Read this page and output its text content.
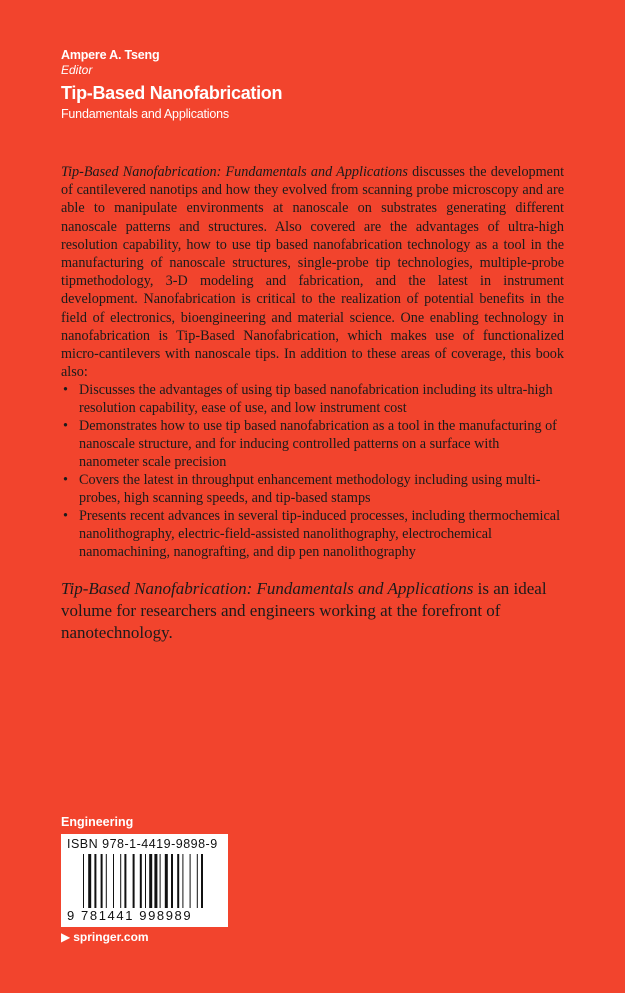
Ampere A. Tseng
Editor
Tip-Based Nanofabrication
Fundamentals and Applications

Tip-Based Nanofabrication: Fundamentals and Applications discusses the development of cantilevered nanotips and how they evolved from scanning probe microscopy and are able to manipulate environments at nanoscale on substrates generating different nanoscale patterns and structures. Also covered are the advantages of ultra-high resolution capability, how to use tip based nanofabrication technology as a tool in the manufacturing of nanoscale structures, single-probe tip technologies, multiple-probe tipmethodology, 3-D modeling and fabrication, and the latest in instrument development. Nanofabrication is critical to the realization of potential benefits in the field of electronics, bioengineering and material science. One enabling technology in nanofabrication is Tip-Based Nanofabrication, which makes use of functionalized micro-cantilevers with nanoscale tips. In addition to these areas of coverage, this book also:

• Discusses the advantages of using tip based nanofabrication including its ultra-high resolution capability, ease of use, and low instrument cost
• Demonstrates how to use tip based nanofabrication as a tool in the manufacturing of nanoscale structure, and for inducing controlled patterns on a surface with nanometer scale precision
• Covers the latest in throughput enhancement methodology including using multi-probes, high scanning speeds, and tip-based stamps
• Presents recent advances in several tip-induced processes, including thermochemical nanolithography, electric-field-assisted nanolithography, electrochemical nanomachining, nanografting, and dip pen nanolithography

Tip-Based Nanofabrication: Fundamentals and Applications is an ideal volume for researchers and engineers working at the forefront of nanotechnology.

Engineering
ISBN 978-1-4419-9898-9
9 781441 998989
▶ springer.com
